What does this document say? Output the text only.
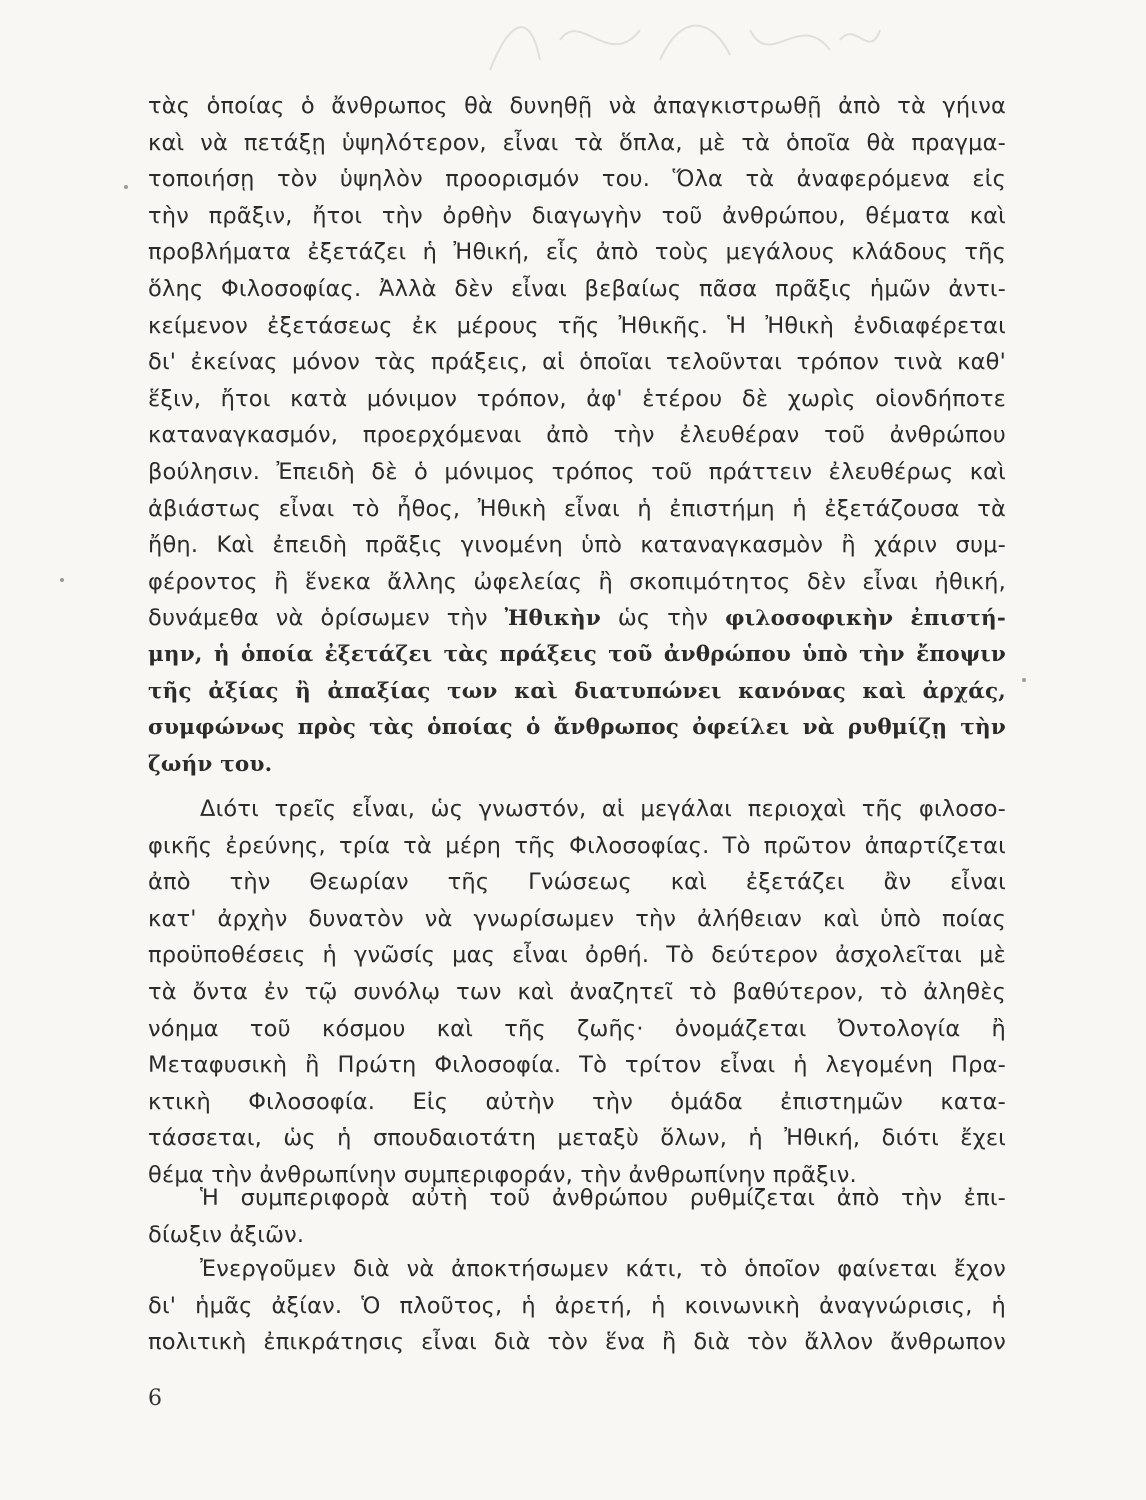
τὰς ὁποίας ὁ ἄνθρωπος θὰ δυνηθῇ νὰ ἀπαγκιστρωθῇ ἀπὸ τὰ γήινα
καὶ νὰ πετάξῃ ὑψηλότερον, εἶναι τὰ ὅπλα, μὲ τὰ ὁποῖα θὰ πραγμα-
τοποιήσῃ τὸν ὑψηλὸν προορισμόν του. Ὅλα τὰ ἀναφερόμενα εἰς
τὴν πρᾶξιν, ἤτοι τὴν ὀρθὴν διαγωγὴν τοῦ ἀνθρώπου, θέματα καὶ
προβλήματα ἐξετάζει ἡ Ἠθική, εἷς ἀπὸ τοὺς μεγάλους κλάδους τῆς
ὅλης Φιλοσοφίας. Ἀλλὰ δὲν εἶναι βεβαίως πᾶσα πρᾶξις ἡμῶν ἀντι-
κείμενον ἐξετάσεως ἐκ μέρους τῆς Ἠθικῆς. Ἡ Ἠθικὴ ἐνδιαφέρεται
δι' ἐκείνας μόνον τὰς πράξεις, αἱ ὁποῖαι τελοῦνται τρόπον τινὰ καθ'
ἕξιν, ἤτοι κατὰ μόνιμον τρόπον, ἀφ' ἑτέρου δὲ χωρὶς οἱονδήποτε
καταναγκασμόν, προερχόμεναι ἀπὸ τὴν ἐλευθέραν τοῦ ἀνθρώπου
βούλησιν. Ἐπειδὴ δὲ ὁ μόνιμος τρόπος τοῦ πράττειν ἐλευθέρως καὶ
ἀβιάστως εἶναι τὸ ἦθος, Ἠθικὴ εἶναι ἡ ἐπιστήμη ἡ ἐξετάζουσα τὰ
ἤθη. Καὶ ἐπειδὴ πρᾶξις γινομένη ὑπὸ καταναγκασμὸν ἢ χάριν συμ-
φέροντος ἢ ἕνεκα ἄλλης ὠφελείας ἢ σκοπιμότητος δὲν εἶναι ἠθική,
δυνάμεθα νὰ ὁρίσωμεν τὴν Ἠθικὴν ὡς τὴν φιλοσοφικὴν ἐπιστή-
μην, ἡ ὁποία ἐξετάζει τὰς πράξεις τοῦ ἀνθρώπου ὑπὸ τὴν ἔποψιν
τῆς ἀξίας ἢ ἀπαξίας των καὶ διατυπώνει κανόνας καὶ ἀρχάς,
συμφώνως πρὸς τὰς ὁποίας ὁ ἄνθρωπος ὀφείλει νὰ ρυθμίζῃ τὴν
ζωήν του.
Διότι τρεῖς εἶναι, ὡς γνωστόν, αἱ μεγάλαι περιοχαὶ τῆς φιλοσο-
φικῆς ἐρεύνης, τρία τὰ μέρη τῆς Φιλοσοφίας. Τὸ πρῶτον ἀπαρτίζεται
ἀπὸ τὴν Θεωρίαν τῆς Γνώσεως καὶ ἐξετάζει ἂν εἶναι
κατ' ἀρχὴν δυνατὸν νὰ γνωρίσωμεν τὴν ἀλήθειαν καὶ ὑπὸ ποίας
προϋποθέσεις ἡ γνῶσίς μας εἶναι ὀρθή. Τὸ δεύτερον ἀσχολεῖται μὲ
τὰ ὄντα ἐν τῷ συνόλῳ των καὶ ἀναζητεῖ τὸ βαθύτερον, τὸ ἀληθὲς
νόημα τοῦ κόσμου καὶ τῆς ζωῆς· ὀνομάζεται Ὀντολογία ἢ
Μεταφυσικὴ ἢ Πρώτη Φιλοσοφία. Τὸ τρίτον εἶναι ἡ λεγομένη Πρα-
κτικὴ Φιλοσοφία. Εἰς αὐτὴν τὴν ὁμάδα ἐπιστημῶν κατα-
τάσσεται, ὡς ἡ σπουδαιοτάτη μεταξὺ ὅλων, ἡ Ἠθική, διότι ἔχει
θέμα τὴν ἀνθρωπίνην συμπεριφοράν, τὴν ἀνθρωπίνην πρᾶξιν.
Ἡ συμπεριφορὰ αὐτὴ τοῦ ἀνθρώπου ρυθμίζεται ἀπὸ τὴν ἐπι-
δίωξιν ἀξιῶν.
Ἐνεργοῦμεν διὰ νὰ ἀποκτήσωμεν κάτι, τὸ ὁποῖον φαίνεται ἔχον
δι' ἡμᾶς ἀξίαν. Ὁ πλοῦτος, ἡ ἀρετή, ἡ κοινωνικὴ ἀναγνώρισις, ἡ
πολιτικὴ ἐπικράτησις εἶναι διὰ τὸν ἕνα ἢ διὰ τὸν ἄλλον ἄνθρωπον
6
